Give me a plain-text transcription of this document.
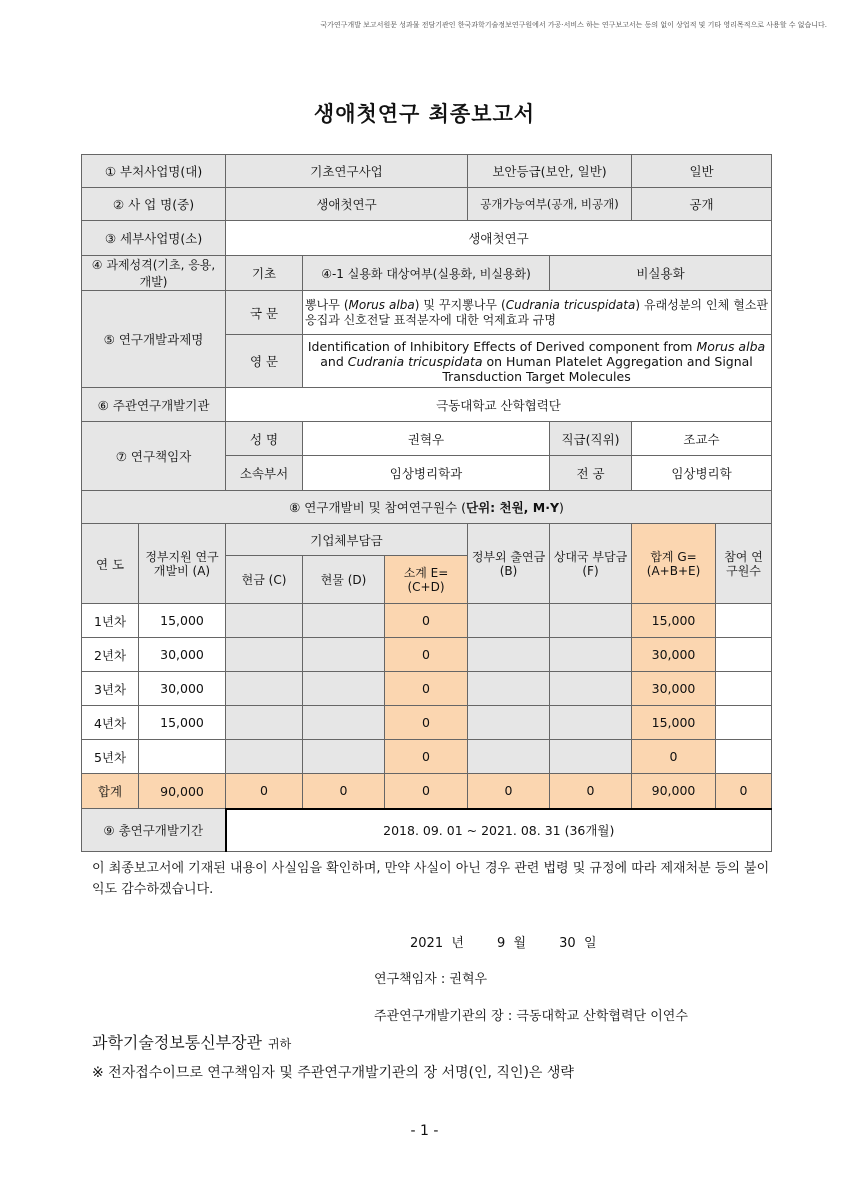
국가연구개발 보고서원문 성과물 전담기관인 한국과학기술정보연구원에서 가공·서비스 하는 연구보고서는 동의 없이 상업적 및 기타 영리목적으로 사용할 수 없습니다.
생애첫연구 최종보고서
① 부처사업명(대)		기초연구사업			보안등급(보안, 일반)		일반	
② 사 업 명(중)		생애첫연구			공개가능여부(공개, 비공개)		공개	
③ 세부사업명(소)		생애첫연구						
④ 과제성격(기초, 응용, 개발)		기초	④-1 실용화 대상여부(실용화, 비실용화)			비실용화		
⑤ 연구개발과제명		국 문	뽕나무 (Morus alba) 및 꾸지뽕나무 (Cudrania tricuspidata) 유래성분의 인체 혈소판응집과 신호전달 표적분자에 대한 억제효과 규명					
		영 문	Identification of Inhibitory Effects of Derived component from Morus alba and Cudrania tricuspidata on Human Platelet Aggregation and Signal Transduction Target Molecules					
⑥ 주관연구개발기관		극동대학교 산학협력단						
⑦ 연구책임자		성 명	권혁우			직급(직위)	조교수	
		소속부서	임상병리학과			전 공	임상병리학	
⑧ 연구개발비 및 참여연구원수 (단위: 천원, M·Y)								
연 도	정부지원 연구개발비 (A)	기업체부담금			정부외 출연금 (B)	상대국 부담금 (F)	합계 G=(A+B+E)	참여 연구원수
		현금 (C)	현물 (D)	소계 E=(C+D)				
1년차	15,000			0			15,000	
2년차	30,000			0			30,000	
3년차	30,000			0			30,000	
4년차	15,000			0			15,000	
5년차				0			0	
합계	90,000	0	0	0	0	0	90,000	0
⑨ 총연구개발기간		2018. 09. 01 ~ 2021. 08. 31 (36개월)						
이 최종보고서에 기재된 내용이 사실임을 확인하며, 만약 사실이 아닌 경우 관련 법령 및 규정에 따라 제재처분 등의 불이익도 감수하겠습니다.
2021 년	9 월	30 일
연구책임자 : 권혁우
주관연구개발기관의 장 : 극동대학교 산학협력단 이연수
과학기술정보통신부장관 귀하
※ 전자접수이므로 연구책임자 및 주관연구개발기관의 장 서명(인, 직인)은 생략
- 1 -
